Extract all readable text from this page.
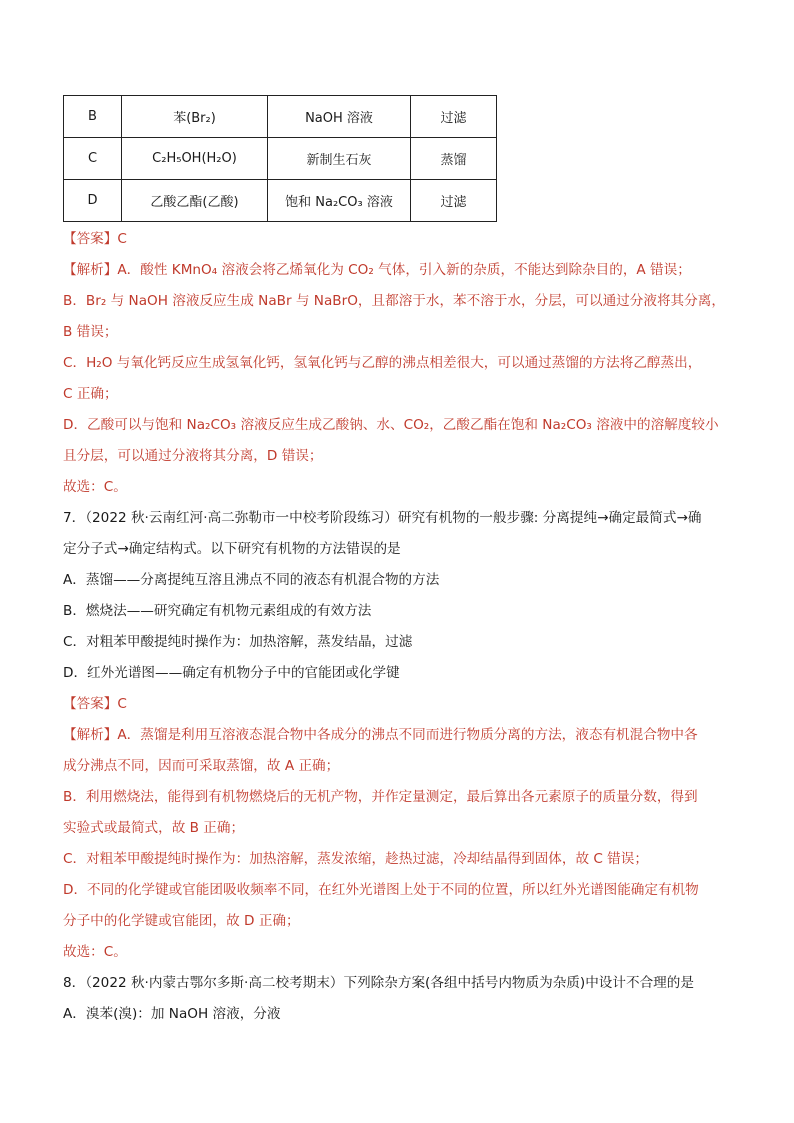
B	苯(Br₂)	NaOH 溶液	过滤
C	C₂H₅OH(H₂O)	新制生石灰	蒸馏
D	乙酸乙酯(乙酸)	饱和 Na₂CO₃ 溶液	过滤
【答案】C
【解析】A．酸性 KMnO₄ 溶液会将乙烯氧化为 CO₂ 气体，引入新的杂质，不能达到除杂目的，A 错误；
B．Br₂ 与 NaOH 溶液反应生成 NaBr 与 NaBrO，且都溶于水，苯不溶于水，分层，可以通过分液将其分离，
B 错误；
C．H₂O 与氧化钙反应生成氢氧化钙，氢氧化钙与乙醇的沸点相差很大，可以通过蒸馏的方法将乙醇蒸出，
C 正确；
D．乙酸可以与饱和 Na₂CO₃ 溶液反应生成乙酸钠、水、CO₂，乙酸乙酯在饱和 Na₂CO₃ 溶液中的溶解度较小
且分层，可以通过分液将其分离，D 错误；
故选：C。
7．（2022 秋·云南红河·高二弥勒市一中校考阶段练习）研究有机物的一般步骤: 分离提纯→确定最简式→确
定分子式→确定结构式。以下研究有机物的方法错误的是
A．蒸馏——分离提纯互溶且沸点不同的液态有机混合物的方法
B．燃烧法——研究确定有机物元素组成的有效方法
C．对粗苯甲酸提纯时操作为：加热溶解，蒸发结晶，过滤
D．红外光谱图——确定有机物分子中的官能团或化学键
【答案】C
【解析】A．蒸馏是利用互溶液态混合物中各成分的沸点不同而进行物质分离的方法，液态有机混合物中各
成分沸点不同，因而可采取蒸馏，故 A 正确；
B．利用燃烧法，能得到有机物燃烧后的无机产物，并作定量测定，最后算出各元素原子的质量分数，得到
实验式或最简式，故 B 正确；
C．对粗苯甲酸提纯时操作为：加热溶解，蒸发浓缩，趁热过滤，冷却结晶得到固体，故 C 错误；
D．不同的化学键或官能团吸收频率不同，在红外光谱图上处于不同的位置，所以红外光谱图能确定有机物
分子中的化学键或官能团，故 D 正确；
故选：C。
8．（2022 秋·内蒙古鄂尔多斯·高二校考期末）下列除杂方案(各组中括号内物质为杂质)中设计不合理的是
A．溴苯(溴)：加 NaOH 溶液，分液
